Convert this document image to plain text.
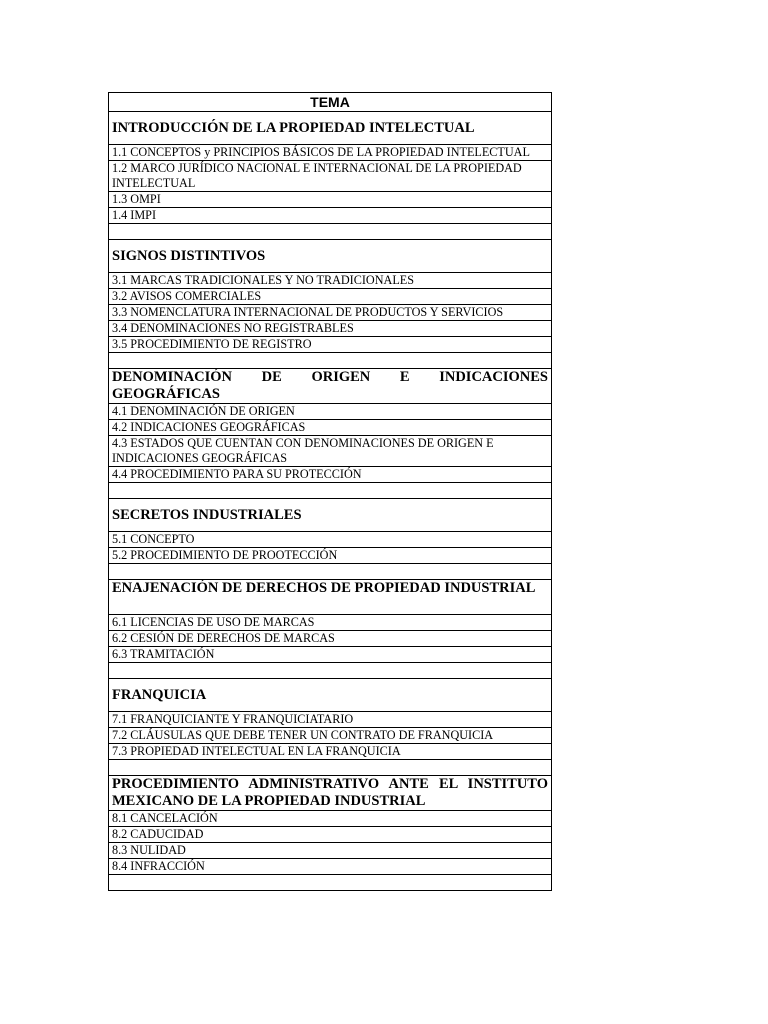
TEMA
INTRODUCCIÓN DE LA PROPIEDAD INTELECTUAL
1.1 CONCEPTOS y PRINCIPIOS BÁSICOS DE LA PROPIEDAD INTELECTUAL
1.2 MARCO JURÍDICO NACIONAL E INTERNACIONAL DE LA PROPIEDAD INTELECTUAL
1.3 OMPI
1.4 IMPI

SIGNOS DISTINTIVOS
3.1 MARCAS TRADICIONALES Y NO TRADICIONALES
3.2 AVISOS COMERCIALES
3.3 NOMENCLATURA INTERNACIONAL DE PRODUCTOS Y SERVICIOS
3.4 DENOMINACIONES NO REGISTRABLES
3.5 PROCEDIMIENTO DE REGISTRO

DENOMINACIÓN DE ORIGEN E INDICACIONES GEOGRÁFICAS
4.1 DENOMINACIÓN DE ORIGEN
4.2 INDICACIONES GEOGRÁFICAS
4.3 ESTADOS QUE CUENTAN CON DENOMINACIONES DE ORIGEN E INDICACIONES GEOGRÁFICAS
4.4 PROCEDIMIENTO PARA SU PROTECCIÓN

SECRETOS INDUSTRIALES
5.1 CONCEPTO
5.2 PROCEDIMIENTO DE PROOTECCIÓN

ENAJENACIÓN DE DERECHOS DE PROPIEDAD INDUSTRIAL
6.1 LICENCIAS DE USO DE MARCAS
6.2 CESIÓN DE DERECHOS DE MARCAS
6.3 TRAMITACIÓN

FRANQUICIA
7.1 FRANQUICIANTE Y FRANQUICIATARIO
7.2 CLÁUSULAS QUE DEBE TENER UN CONTRATO DE FRANQUICIA
7.3 PROPIEDAD INTELECTUAL EN LA FRANQUICIA

PROCEDIMIENTO ADMINISTRATIVO ANTE EL INSTITUTO MEXICANO DE LA PROPIEDAD INDUSTRIAL
8.1 CANCELACIÓN
8.2 CADUCIDAD
8.3 NULIDAD
8.4 INFRACCIÓN
